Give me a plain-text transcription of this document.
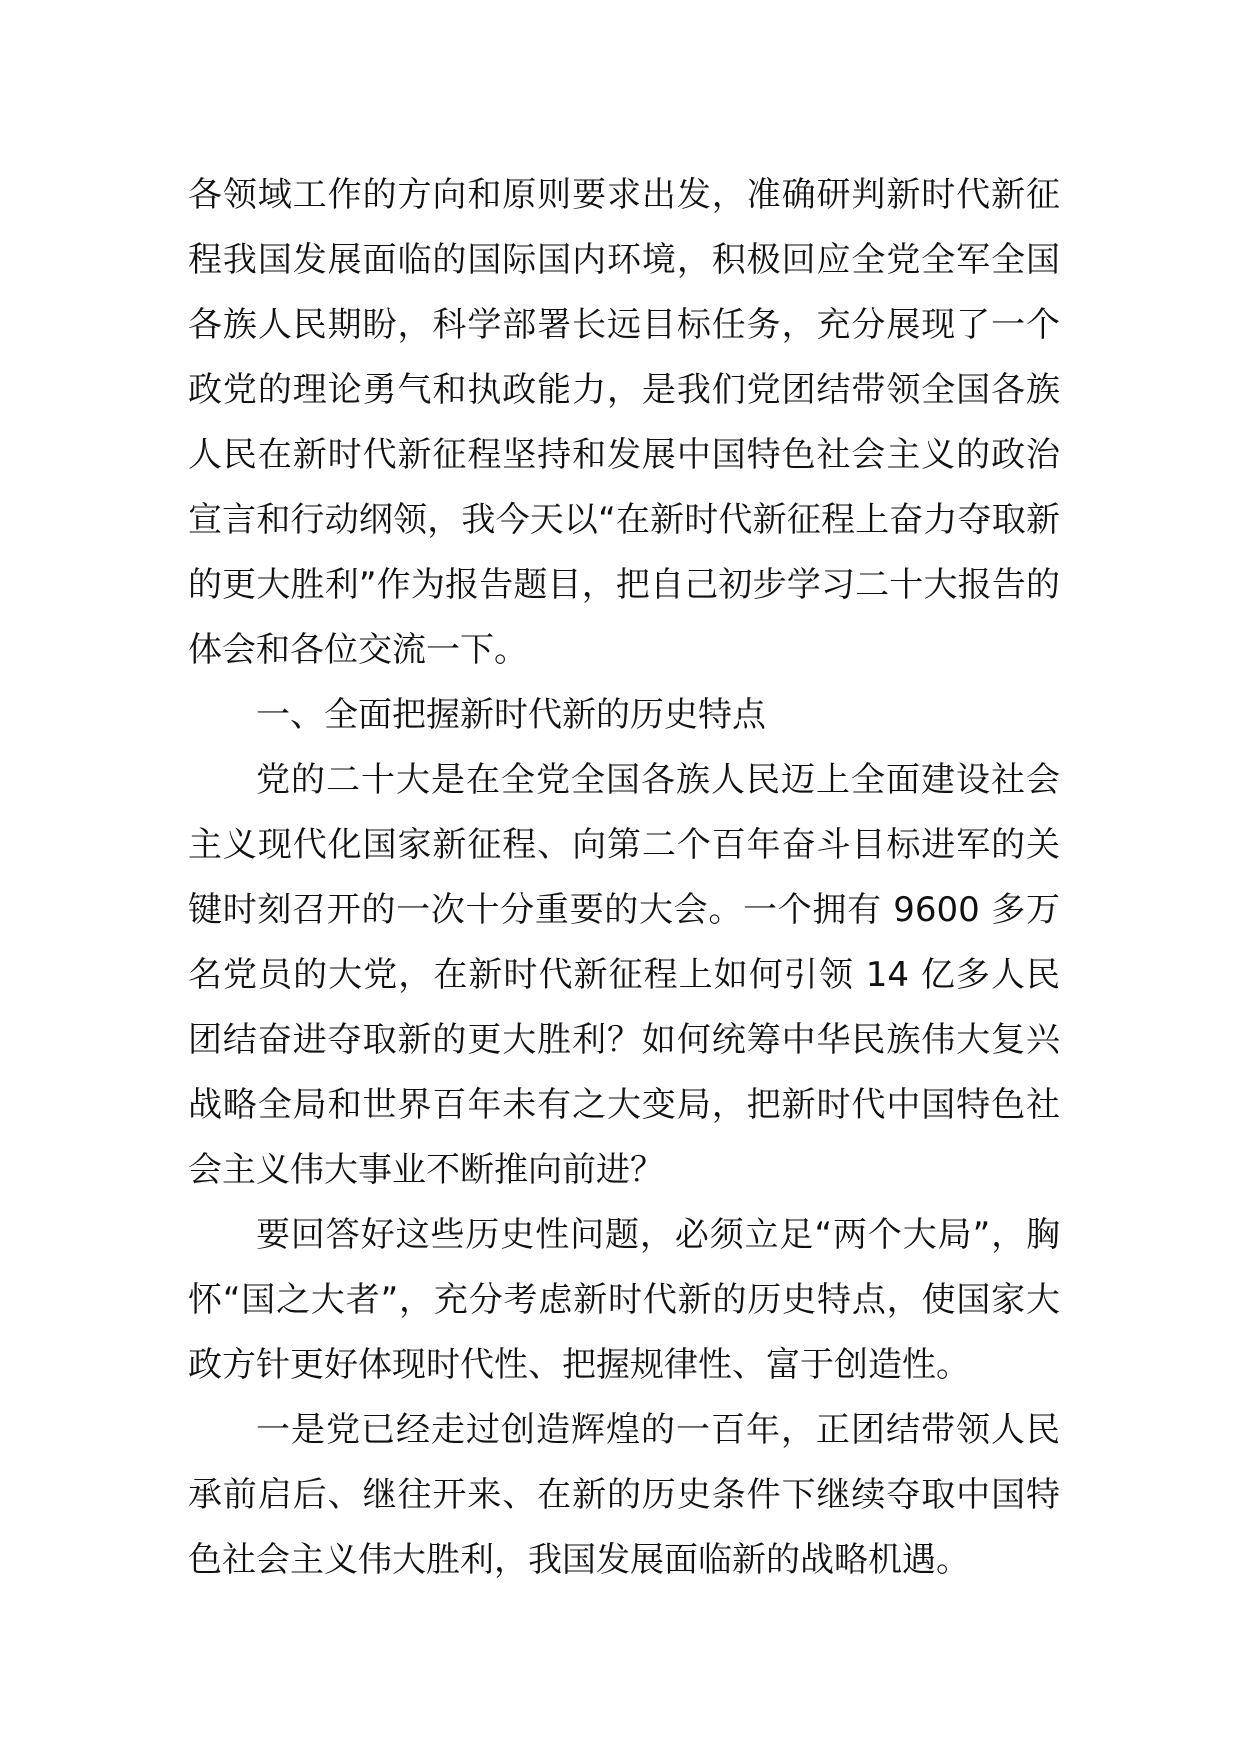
各领域工作的方向和原则要求出发，准确研判新时代新征程我国发展面临的国际国内环境，积极回应全党全军全国各族人民期盼，科学部署长远目标任务，充分展现了一个政党的理论勇气和执政能力，是我们党团结带领全国各族人民在新时代新征程坚持和发展中国特色社会主义的政治宣言和行动纲领，我今天以“在新时代新征程上奋力夺取新的更大胜利”作为报告题目，把自己初步学习二十大报告的体会和各位交流一下。

一、全面把握新时代新的历史特点

党的二十大是在全党全国各族人民迈上全面建设社会主义现代化国家新征程、向第二个百年奋斗目标进军的关键时刻召开的一次十分重要的大会。一个拥有 9600 多万名党员的大党，在新时代新征程上如何引领 14 亿多人民团结奋进夺取新的更大胜利？如何统筹中华民族伟大复兴战略全局和世界百年未有之大变局，把新时代中国特色社会主义伟大事业不断推向前进？

要回答好这些历史性问题，必须立足“两个大局”，胸怀“国之大者”，充分考虑新时代新的历史特点，使国家大政方针更好体现时代性、把握规律性、富于创造性。

一是党已经走过创造辉煌的一百年，正团结带领人民承前启后、继往开来、在新的历史条件下继续夺取中国特色社会主义伟大胜利，我国发展面临新的战略机遇。
